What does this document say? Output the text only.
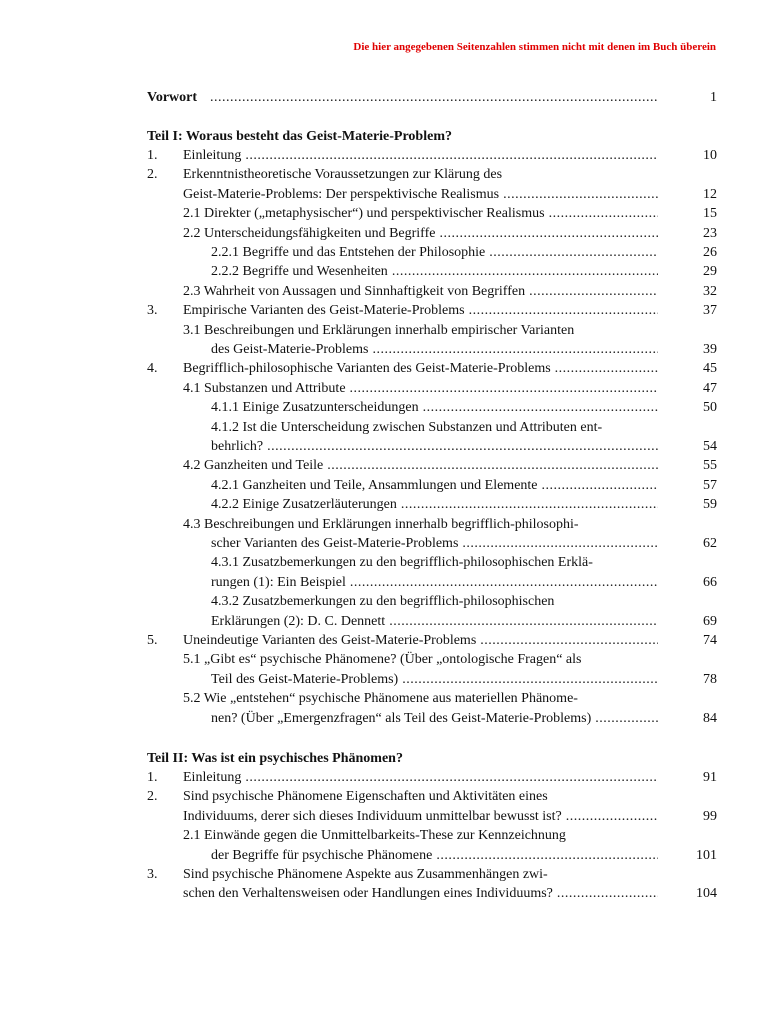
Die hier angegebenen Seitenzahlen stimmen nicht mit denen im Buch überein
Vorwort .....	1
Teil I: Woraus besteht das Geist-Materie-Problem?
1. Einleitung .....	10
2. Erkenntnistheoretische Voraussetzungen zur Klärung des
Geist-Materie-Problems: Der perspektivische Realismus .....	12
2.1 Direkter („metaphysischer“) und perspektivischer Realismus .....	15
2.2 Unterscheidungsfähigkeiten und Begriffe .....	23
2.2.1 Begriffe und das Entstehen der Philosophie .....	26
2.2.2 Begriffe und Wesenheiten .....	29
2.3 Wahrheit von Aussagen und Sinnhaftigkeit von Begriffen .....	32
3. Empirische Varianten des Geist-Materie-Problems .....	37
3.1 Beschreibungen und Erklärungen innerhalb empirischer Varianten
des Geist-Materie-Problems .....	39
4. Begrifflich-philosophische Varianten des Geist-Materie-Problems .....	45
4.1 Substanzen und Attribute .....	47
4.1.1 Einige Zusatzunterscheidungen .....	50
4.1.2 Ist die Unterscheidung zwischen Substanzen und Attributen ent-
behrlich? .....	54
4.2 Ganzheiten und Teile .....	55
4.2.1 Ganzheiten und Teile, Ansammlungen und Elemente .....	57
4.2.2 Einige Zusatzerläuterungen .....	59
4.3 Beschreibungen und Erklärungen innerhalb begrifflich-philosophi-
scher Varianten des Geist-Materie-Problems .....	62
4.3.1 Zusatzbemerkungen zu den begrifflich-philosophischen Erklä-
rungen (1): Ein Beispiel .....	66
4.3.2 Zusatzbemerkungen zu den begrifflich-philosophischen
Erklärungen (2): D. C. Dennett .....	69
5. Uneindeutige Varianten des Geist-Materie-Problems .....	74
5.1 „Gibt es“ psychische Phänomene? (Über „ontologische Fragen“ als
Teil des Geist-Materie-Problems) .....	78
5.2 Wie „entstehen“ psychische Phänomene aus materiellen Phänome-
nen? (Über „Emergenzfragen“ als Teil des Geist-Materie-Problems) .....	84
Teil II: Was ist ein psychisches Phänomen?
1. Einleitung .....	91
2. Sind psychische Phänomene Eigenschaften und Aktivitäten eines
Individuums, derer sich dieses Individuum unmittelbar bewusst ist? .....	99
2.1 Einwände gegen die Unmittelbarkeits-These zur Kennzeichnung
der Begriffe für psychische Phänomene .....	101
3. Sind psychische Phänomene Aspekte aus Zusammenhängen zwi-
schen den Verhaltensweisen oder Handlungen eines Individuums? .....	104
